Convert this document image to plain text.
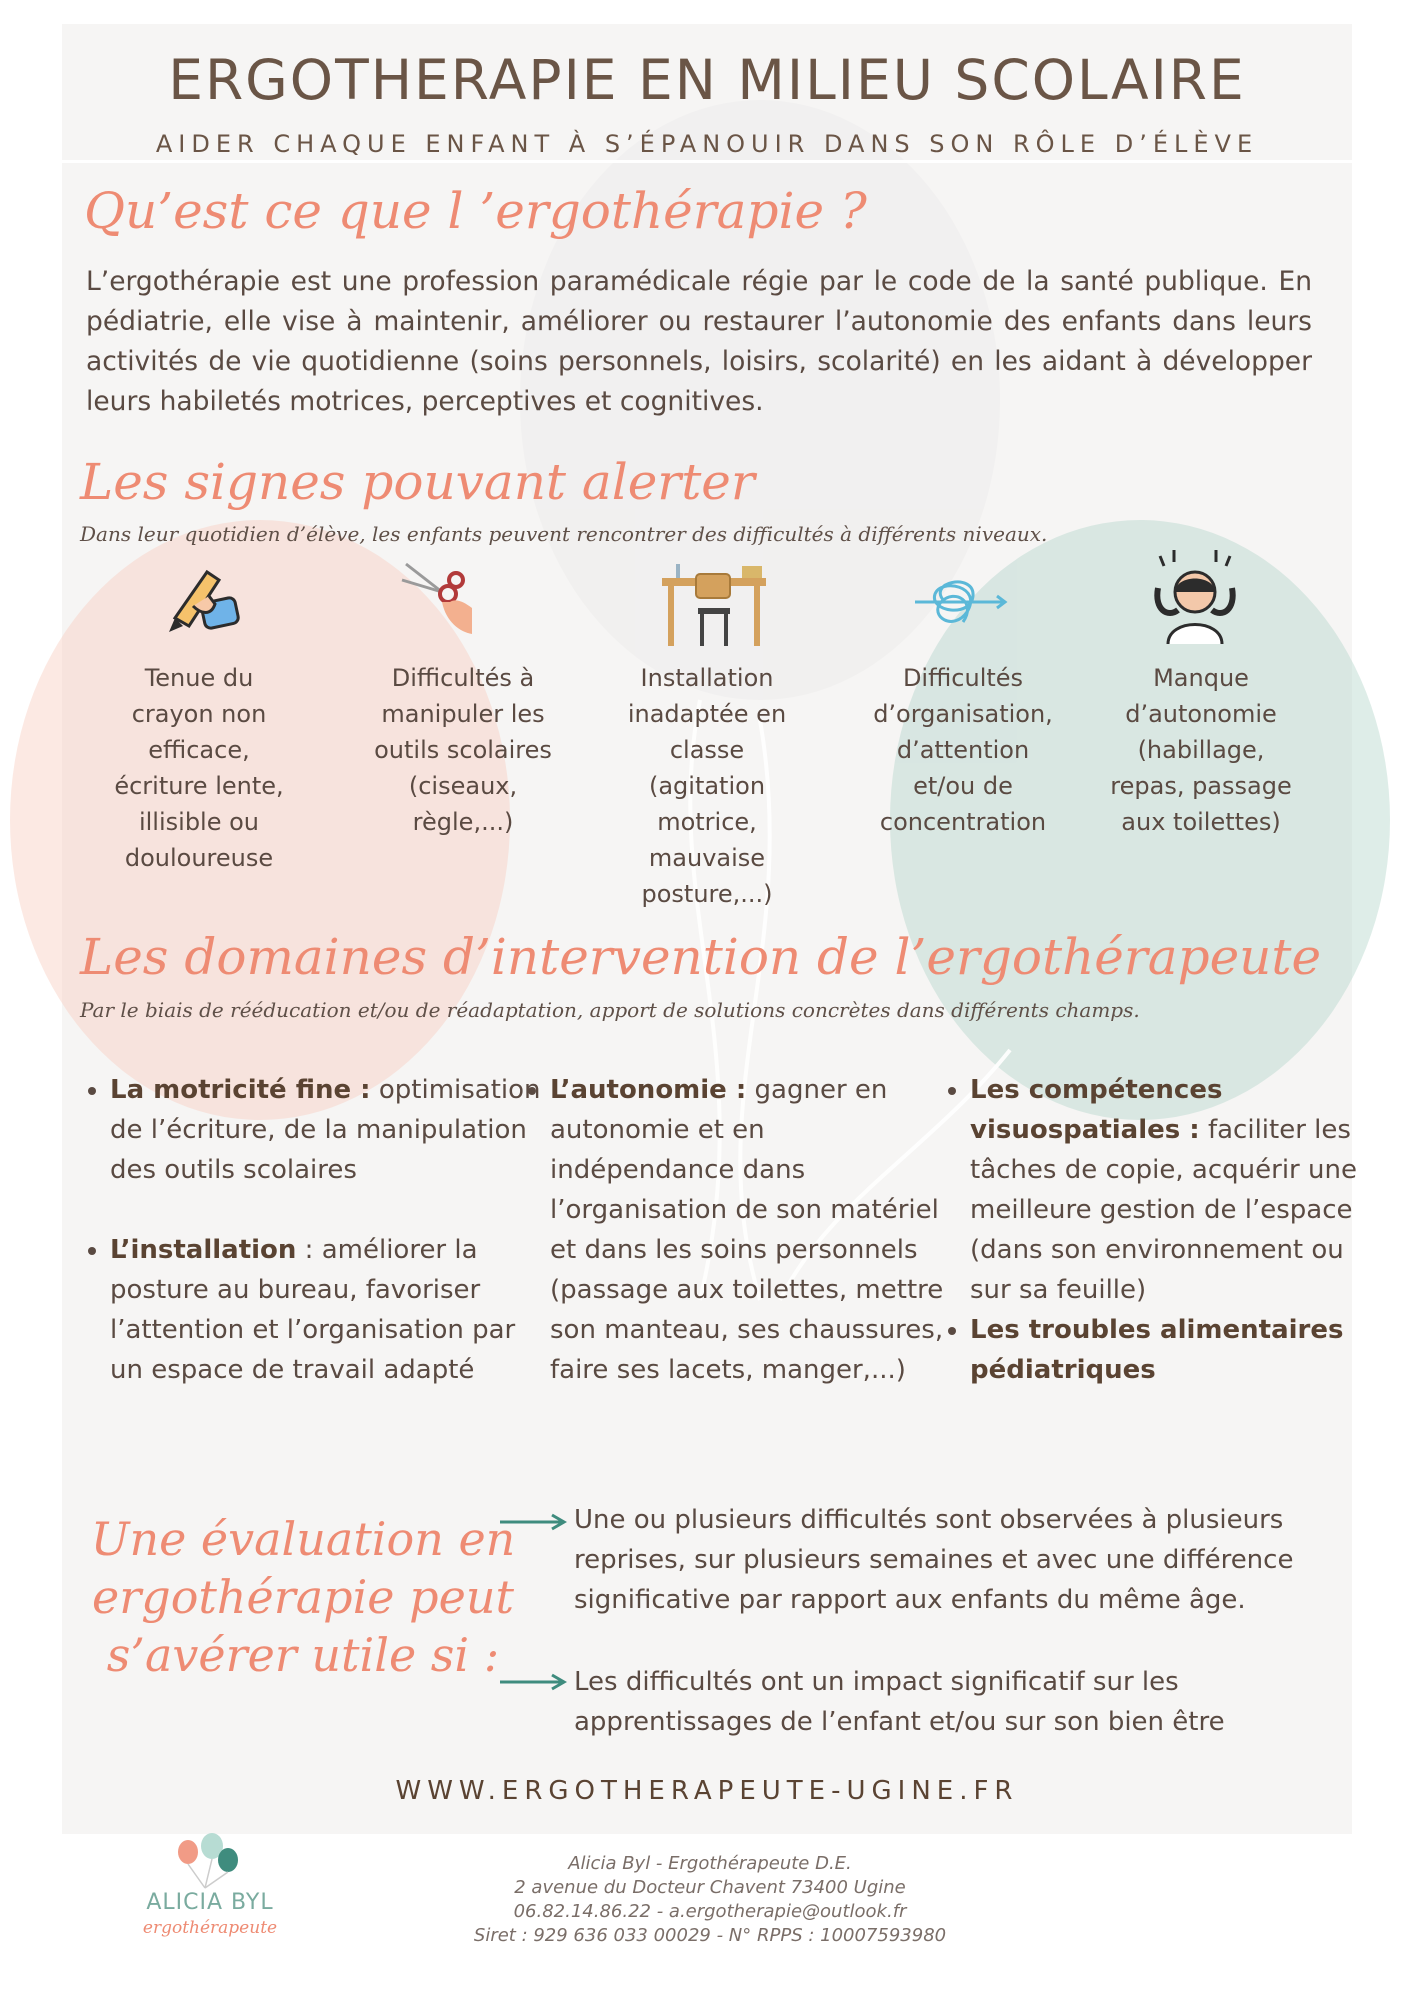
ERGOTHERAPIE EN MILIEU SCOLAIRE
AIDER CHAQUE ENFANT À S’ÉPANOUIR DANS SON RÔLE D’ÉLÈVE
Qu’est ce que l ’ergothérapie ?
L’ergothérapie est une profession paramédicale régie par le code de la santé publique. En pédiatrie, elle vise à maintenir, améliorer ou restaurer l’autonomie des enfants dans leurs activités de vie quotidienne (soins personnels, loisirs, scolarité) en les aidant à développer leurs habiletés motrices, perceptives et cognitives.
Les signes pouvant alerter
Dans leur quotidien d’élève, les enfants peuvent rencontrer des difficultés à différents niveaux.
Tenue du crayon non efficace, écriture lente, illisible ou douloureuse
Difficultés à manipuler les outils scolaires (ciseaux, règle,...)
Installation inadaptée en classe (agitation motrice, mauvaise posture,...)
Difficultés d’organisation, d’attention et/ou de concentration
Manque d’autonomie (habillage, repas, passage aux toilettes)
Les domaines d’intervention de l’ergothérapeute
Par le biais de rééducation et/ou de réadaptation, apport de solutions concrètes dans différents champs.
• La motricité fine : optimisation de l’écriture, de la manipulation des outils scolaires
• L’installation : améliorer la posture au bureau, favoriser l’attention et l’organisation par un espace de travail adapté
• L’autonomie : gagner en autonomie et en indépendance dans l’organisation de son matériel et dans les soins personnels (passage aux toilettes, mettre son manteau, ses chaussures, faire ses lacets, manger,...)
• Les compétences visuospatiales : faciliter les tâches de copie, acquérir une meilleure gestion de l’espace (dans son environnement ou sur sa feuille)
• Les troubles alimentaires pédiatriques
Une évaluation en ergothérapie peut s’avérer utile si :
Une ou plusieurs difficultés sont observées à plusieurs reprises, sur plusieurs semaines et avec une différence significative par rapport aux enfants du même âge.
Les difficultés ont un impact significatif sur les apprentissages de l’enfant et/ou sur son bien être
WWW.ERGOTHERAPEUTE-UGINE.FR
ALICIA BYL
ergothérapeute
Alicia Byl - Ergothérapeute D.E.
2 avenue du Docteur Chavent 73400 Ugine
06.82.14.86.22 - a.ergotherapie@outlook.fr
Siret : 929 636 033 00029 - N° RPPS : 10007593980
